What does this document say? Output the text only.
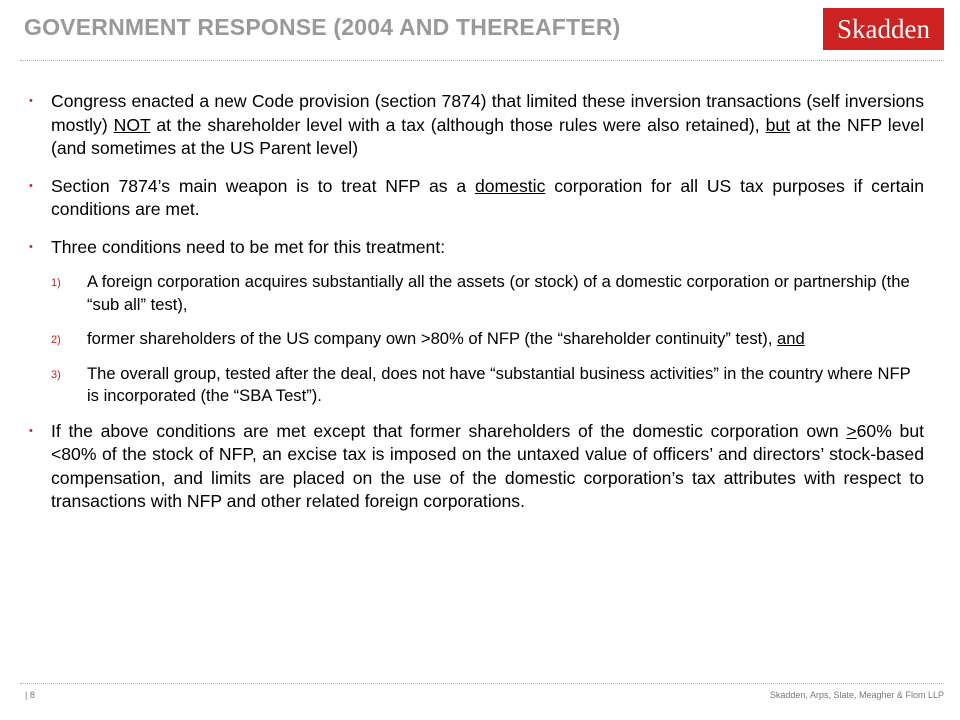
GOVERNMENT RESPONSE (2004 AND THEREAFTER)	Skadden
• Congress enacted a new Code provision (section 7874) that limited these inversion transactions (self inversions mostly) NOT at the shareholder level with a tax (although those rules were also retained), but at the NFP level (and sometimes at the US Parent level)
• Section 7874’s main weapon is to treat NFP as a domestic corporation for all US tax purposes if certain conditions are met.
• Three conditions need to be met for this treatment:
1) A foreign corporation acquires substantially all the assets (or stock) of a domestic corporation or partnership (the “sub all” test),
2) former shareholders of the US company own >80% of NFP (the “shareholder continuity” test), and
3) The overall group, tested after the deal, does not have “substantial business activities” in the country where NFP is incorporated (the “SBA Test”).
• If the above conditions are met except that former shareholders of the domestic corporation own >60% but <80% of the stock of NFP, an excise tax is imposed on the untaxed value of officers’ and directors’ stock-based compensation, and limits are placed on the use of the domestic corporation’s tax attributes with respect to transactions with NFP and other related foreign corporations.
| 8	Skadden, Arps, Slate, Meagher & Flom LLP
